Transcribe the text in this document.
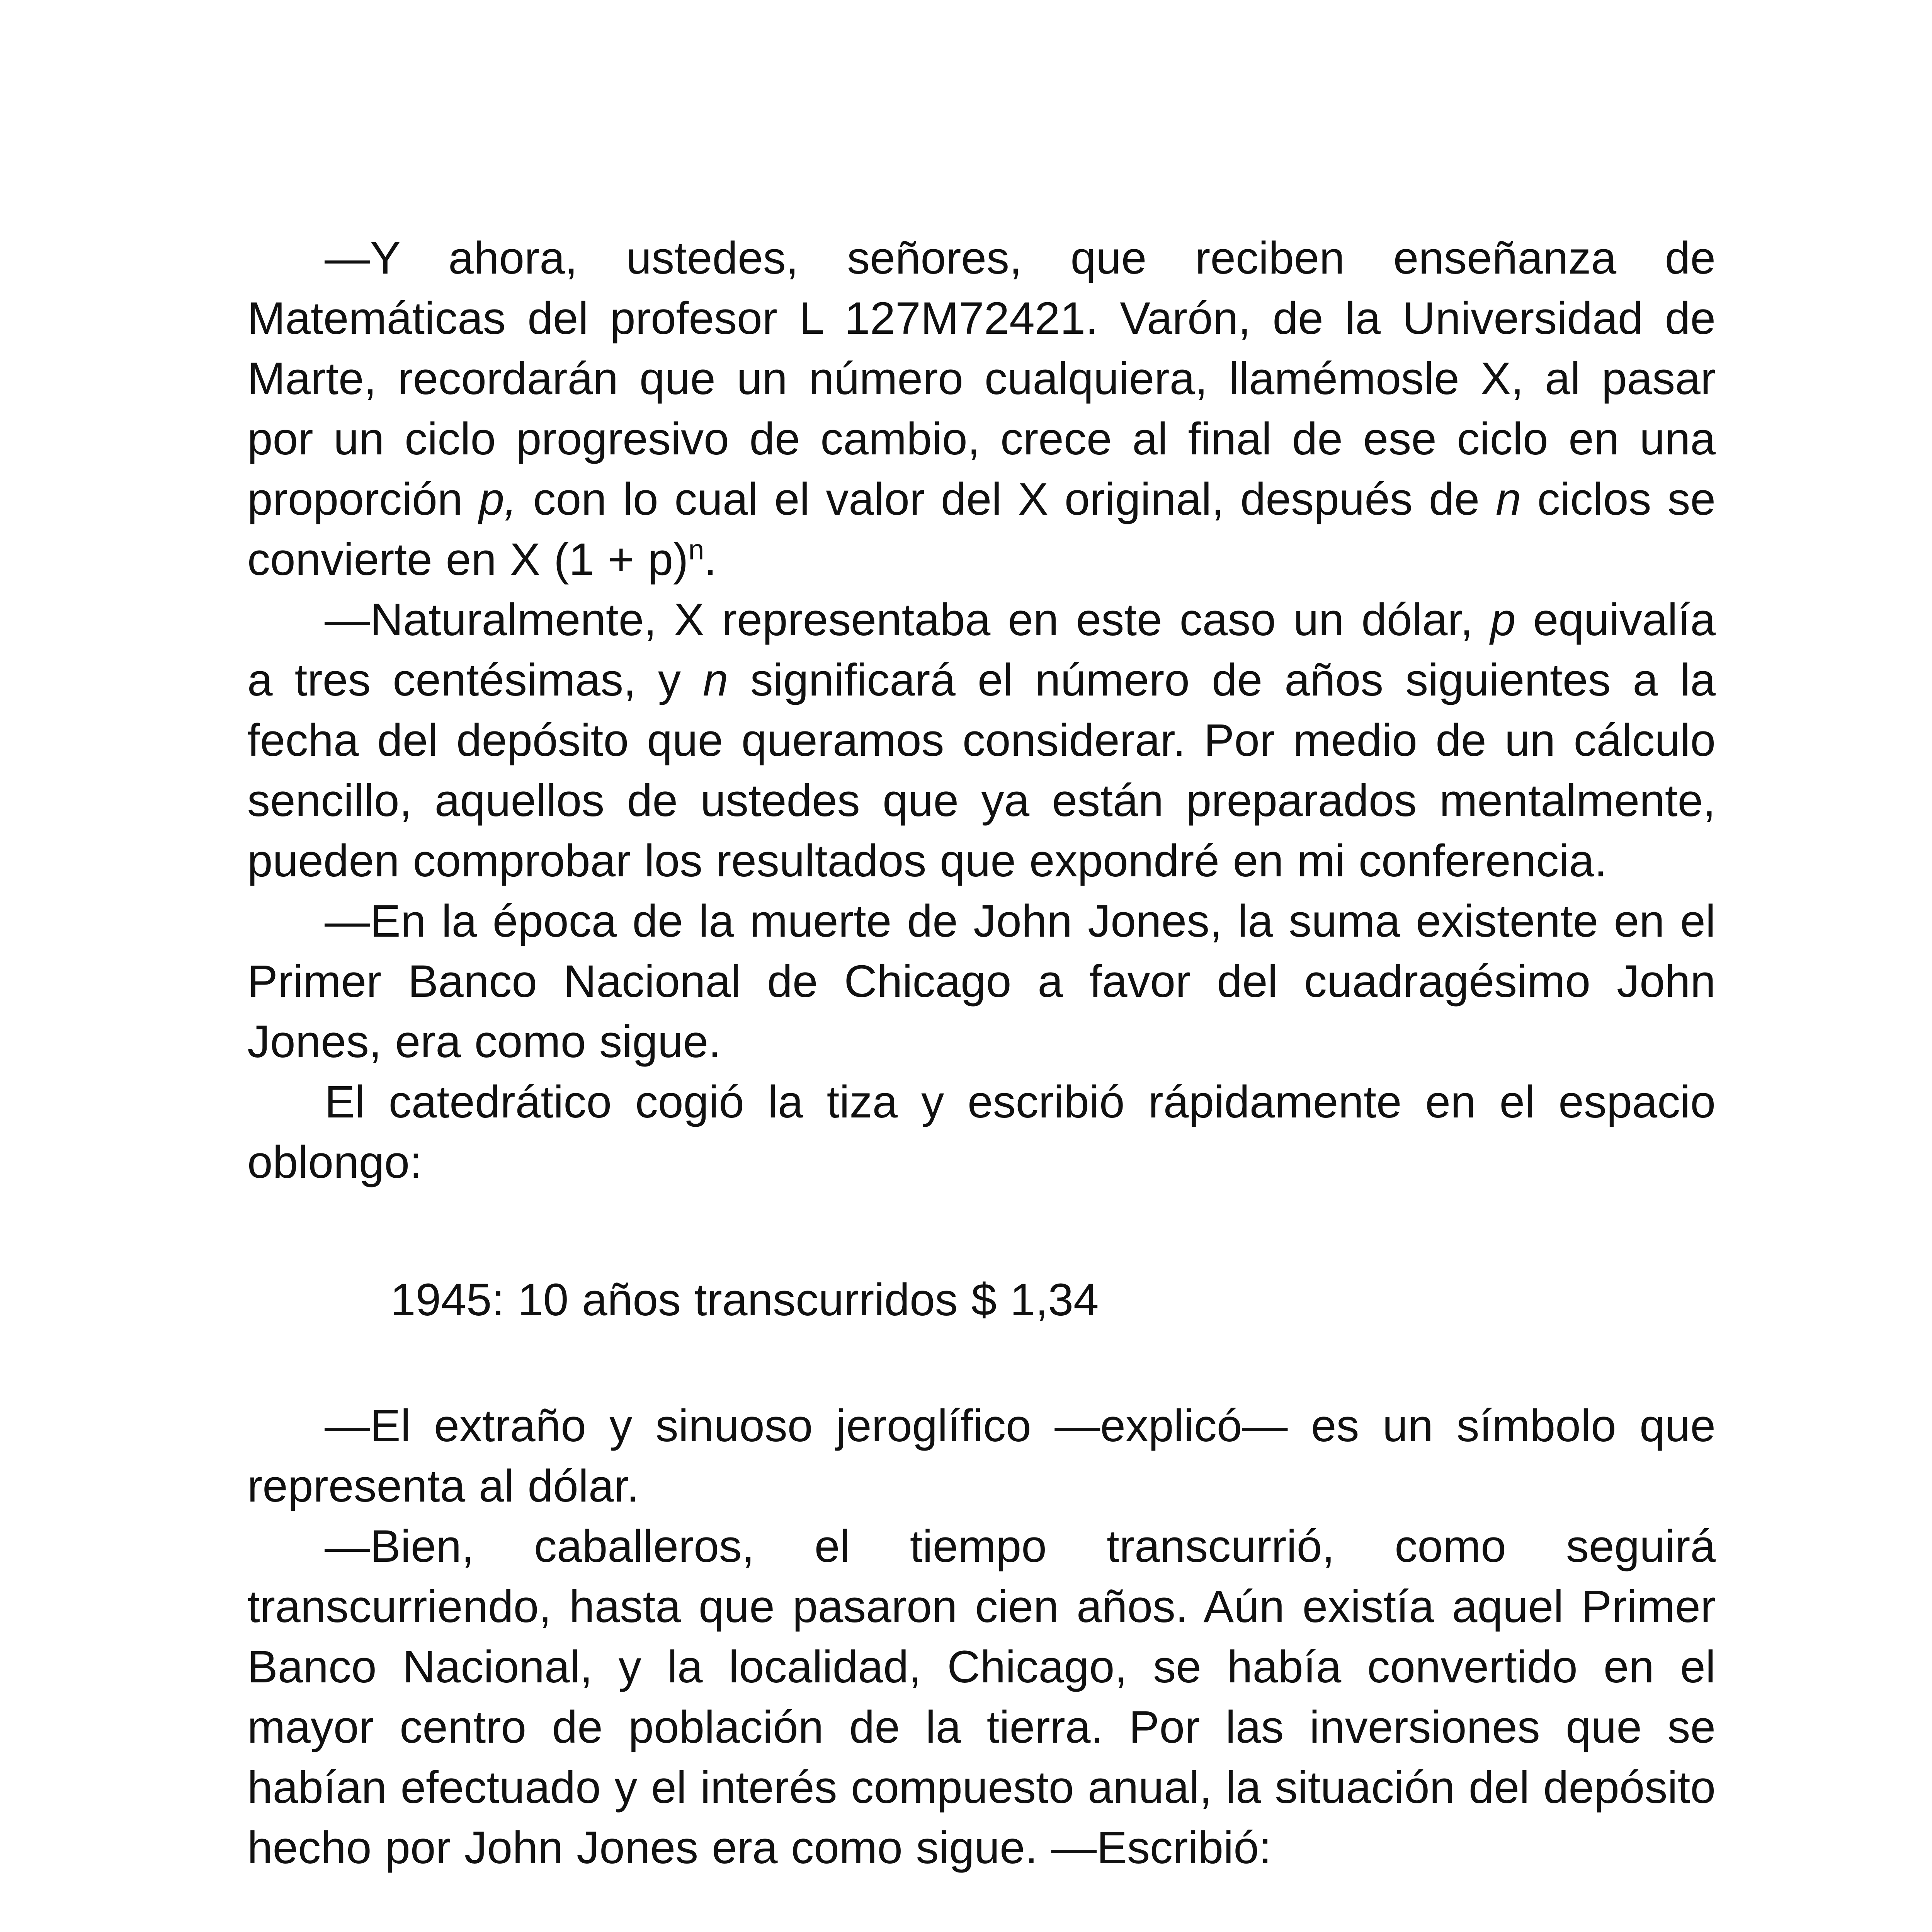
—Y ahora, ustedes, señores, que reciben enseñanza de Matemáticas del profesor L 127M72421. Varón, de la Universidad de Marte, recordarán que un número cualquiera, llamémosle X, al pasar por un ciclo progresivo de cambio, crece al final de ese ciclo en una proporción p, con lo cual el valor del X original, después de n ciclos se convierte en X $(1 + p)^n$.

—Naturalmente, X representaba en este caso un dólar, p equivalía a tres centésimas, y n significará el número de años siguientes a la fecha del depósito que queramos considerar. Por medio de un cálculo sencillo, aquellos de ustedes que ya están preparados mentalmente, pueden comprobar los resultados que expondré en mi conferencia.

—En la época de la muerte de John Jones, la suma existente en el Primer Banco Nacional de Chicago a favor del cuadragésimo John Jones, era como sigue.

El catedrático cogió la tiza y escribió rápidamente en el espacio oblongo:

1945: 10 años transcurridos $ 1,34

—El extraño y sinuoso jeroglífico —explicó— es un símbolo que representa al dólar.

—Bien, caballeros, el tiempo transcurrió, como seguirá transcurriendo, hasta que pasaron cien años. Aún existía aquel Primer Banco Nacional, y la localidad, Chicago, se había convertido en el mayor centro de población de la tierra. Por las inversiones que se habían efectuado y el interés compuesto anual, la situación del depósito hecho por John Jones era como sigue. —Escribió:
